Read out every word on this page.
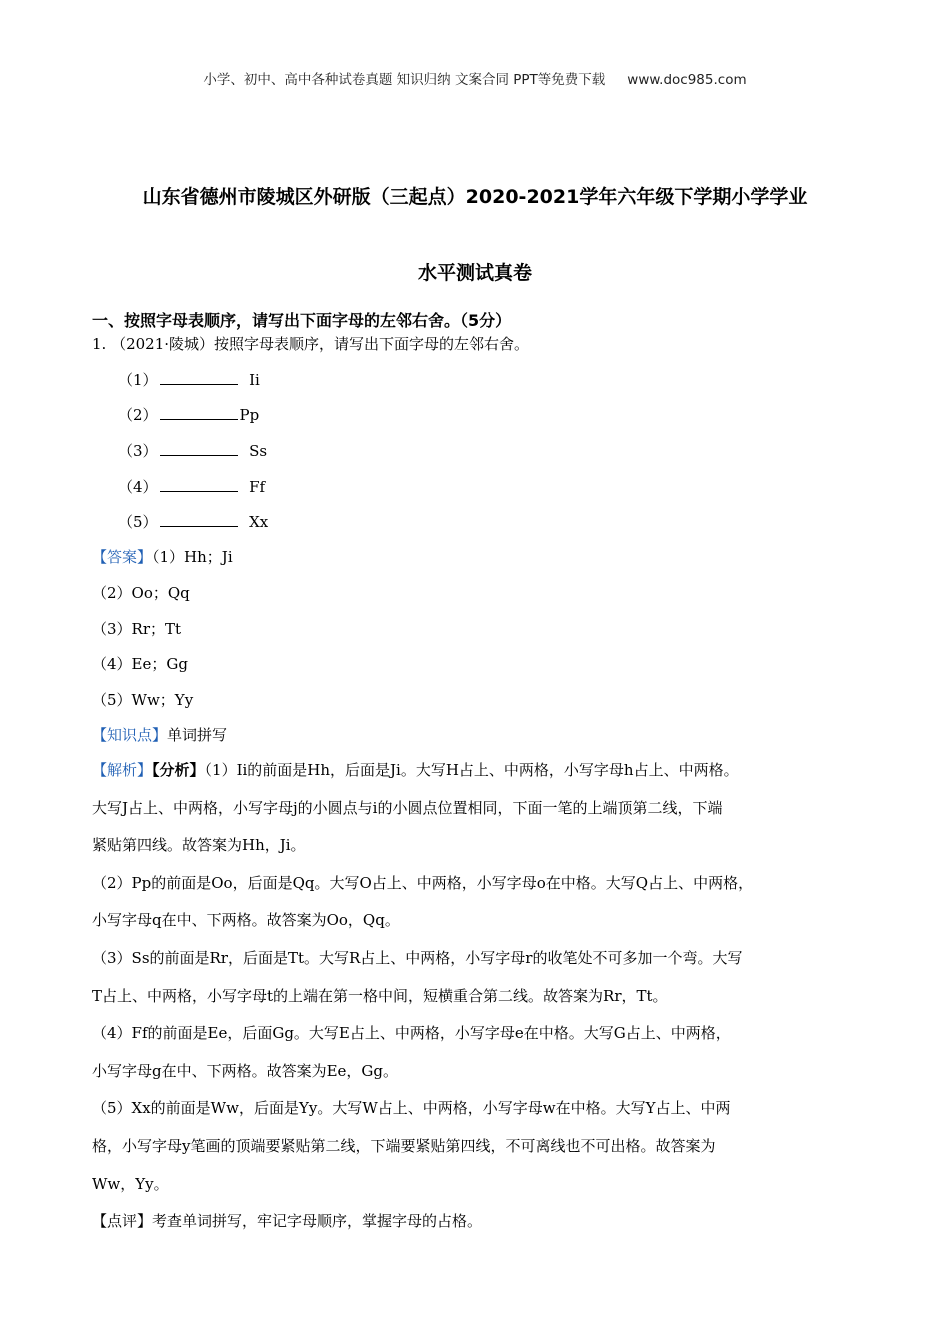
小学、初中、高中各种试卷真题 知识归纳 文案合同 PPT等免费下载 www.doc985.com
山东省德州市陵城区外研版（三起点）2020-2021学年六年级下学期小学学业
水平测试真卷
一、按照字母表顺序，请写出下面字母的左邻右舍。（5分）
1. （2021·陵城）按照字母表顺序，请写出下面字母的左邻右舍。
（1）	Ii
（2）	Pp
（3）	Ss
（4）	Ff
（5）	Xx
【答案】（1）Hh；Ji
（2）Oo；Qq
（3）Rr；Tt
（4）Ee；Gg
（5）Ww；Yy
【知识点】单词拼写
【解析】【分析】（1）Ii的前面是Hh，后面是Ji。大写H占上、中两格，小写字母h占上、中两格。
大写J占上、中两格，小写字母j的小圆点与i的小圆点位置相同，下面一笔的上端顶第二线，下端
紧贴第四线。故答案为Hh，Ji。
（2）Pp的前面是Oo，后面是Qq。大写O占上、中两格，小写字母o在中格。大写Q占上、中两格，
小写字母q在中、下两格。故答案为Oo，Qq。
（3）Ss的前面是Rr，后面是Tt。大写R占上、中两格，小写字母r的收笔处不可多加一个弯。大写
T占上、中两格，小写字母t的上端在第一格中间，短横重合第二线。故答案为Rr，Tt。
（4）Ff的前面是Ee，后面Gg。大写E占上、中两格，小写字母e在中格。大写G占上、中两格，
小写字母g在中、下两格。故答案为Ee，Gg。
（5）Xx的前面是Ww，后面是Yy。大写W占上、中两格，小写字母w在中格。大写Y占上、中两
格，小写字母y笔画的顶端要紧贴第二线，下端要紧贴第四线，不可离线也不可出格。故答案为
Ww，Yy。
【点评】考查单词拼写，牢记字母顺序，掌握字母的占格。
